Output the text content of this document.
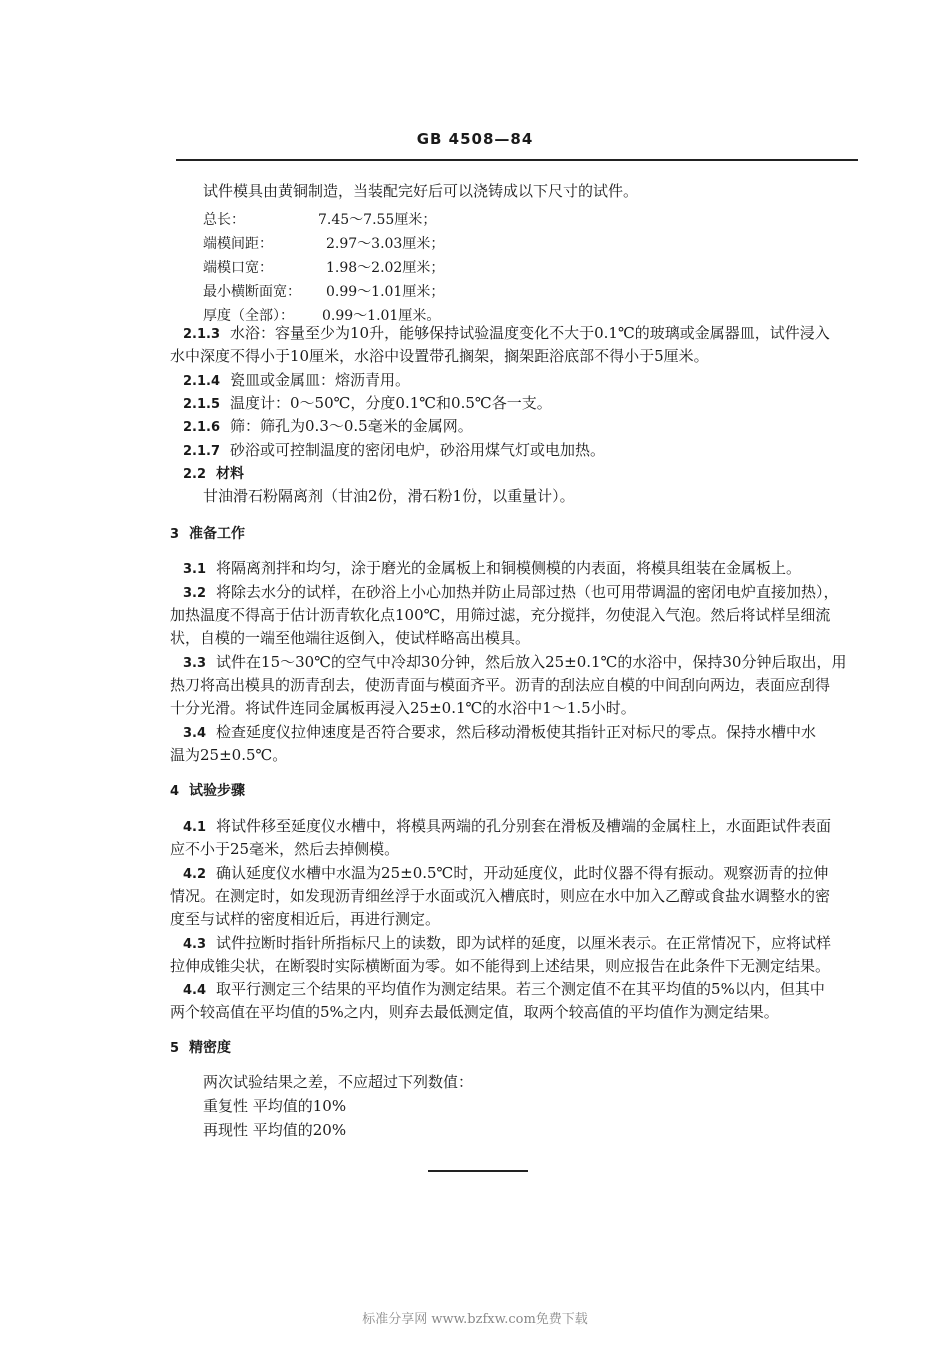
GB 4508—84
试件模具由黄铜制造，当装配完好后可以浇铸成以下尺寸的试件。
总长：	7.45～7.55厘米；
端模间距：	2.97～3.03厘米；
端模口宽：	1.98～2.02厘米；
最小横断面宽： 0.99～1.01厘米；
厚度（全部）： 0.99～1.01厘米。
2.1.3 水浴：容量至少为10升，能够保持试验温度变化不大于0.1℃的玻璃或金属器皿，试件浸入
水中深度不得小于10厘米，水浴中设置带孔搁架，搁架距浴底部不得小于5厘米。
2.1.4 瓷皿或金属皿：熔沥青用。
2.1.5 温度计：0～50℃，分度0.1℃和0.5℃各一支。
2.1.6 筛：筛孔为0.3～0.5毫米的金属网。
2.1.7 砂浴或可控制温度的密闭电炉，砂浴用煤气灯或电加热。
2.2 材料
甘油滑石粉隔离剂（甘油2份，滑石粉1份，以重量计）。
3 准备工作
3.1 将隔离剂拌和均匀，涂于磨光的金属板上和铜模侧模的内表面，将模具组装在金属板上。
3.2 将除去水分的试样，在砂浴上小心加热并防止局部过热（也可用带调温的密闭电炉直接加热），
加热温度不得高于估计沥青软化点100℃，用筛过滤，充分搅拌，勿使混入气泡。然后将试样呈细流
状，自模的一端至他端往返倒入，使试样略高出模具。
3.3 试件在15～30℃的空气中冷却30分钟，然后放入25±0.1℃的水浴中，保持30分钟后取出，用
热刀将高出模具的沥青刮去，使沥青面与模面齐平。沥青的刮法应自模的中间刮向两边，表面应刮得
十分光滑。将试件连同金属板再浸入25±0.1℃的水浴中1～1.5小时。
3.4 检查延度仪拉伸速度是否符合要求，然后移动滑板使其指针正对标尺的零点。保持水槽中水
温为25±0.5℃。
4 试验步骤
4.1 将试件移至延度仪水槽中，将模具两端的孔分别套在滑板及槽端的金属柱上，水面距试件表面
应不小于25毫米，然后去掉侧模。
4.2 确认延度仪水槽中水温为25±0.5℃时，开动延度仪，此时仪器不得有振动。观察沥青的拉伸
情况。在测定时，如发现沥青细丝浮于水面或沉入槽底时，则应在水中加入乙醇或食盐水调整水的密
度至与试样的密度相近后，再进行测定。
4.3 试件拉断时指针所指标尺上的读数，即为试样的延度，以厘米表示。在正常情况下，应将试样
拉伸成锥尖状，在断裂时实际横断面为零。如不能得到上述结果，则应报告在此条件下无测定结果。
4.4 取平行测定三个结果的平均值作为测定结果。若三个测定值不在其平均值的5%以内，但其中
两个较高值在平均值的5%之内，则弃去最低测定值，取两个较高值的平均值作为测定结果。
5 精密度
两次试验结果之差，不应超过下列数值：
重复性 平均值的10%
再现性 平均值的20%
标准分享网 www.bzfxw.com免费下载
